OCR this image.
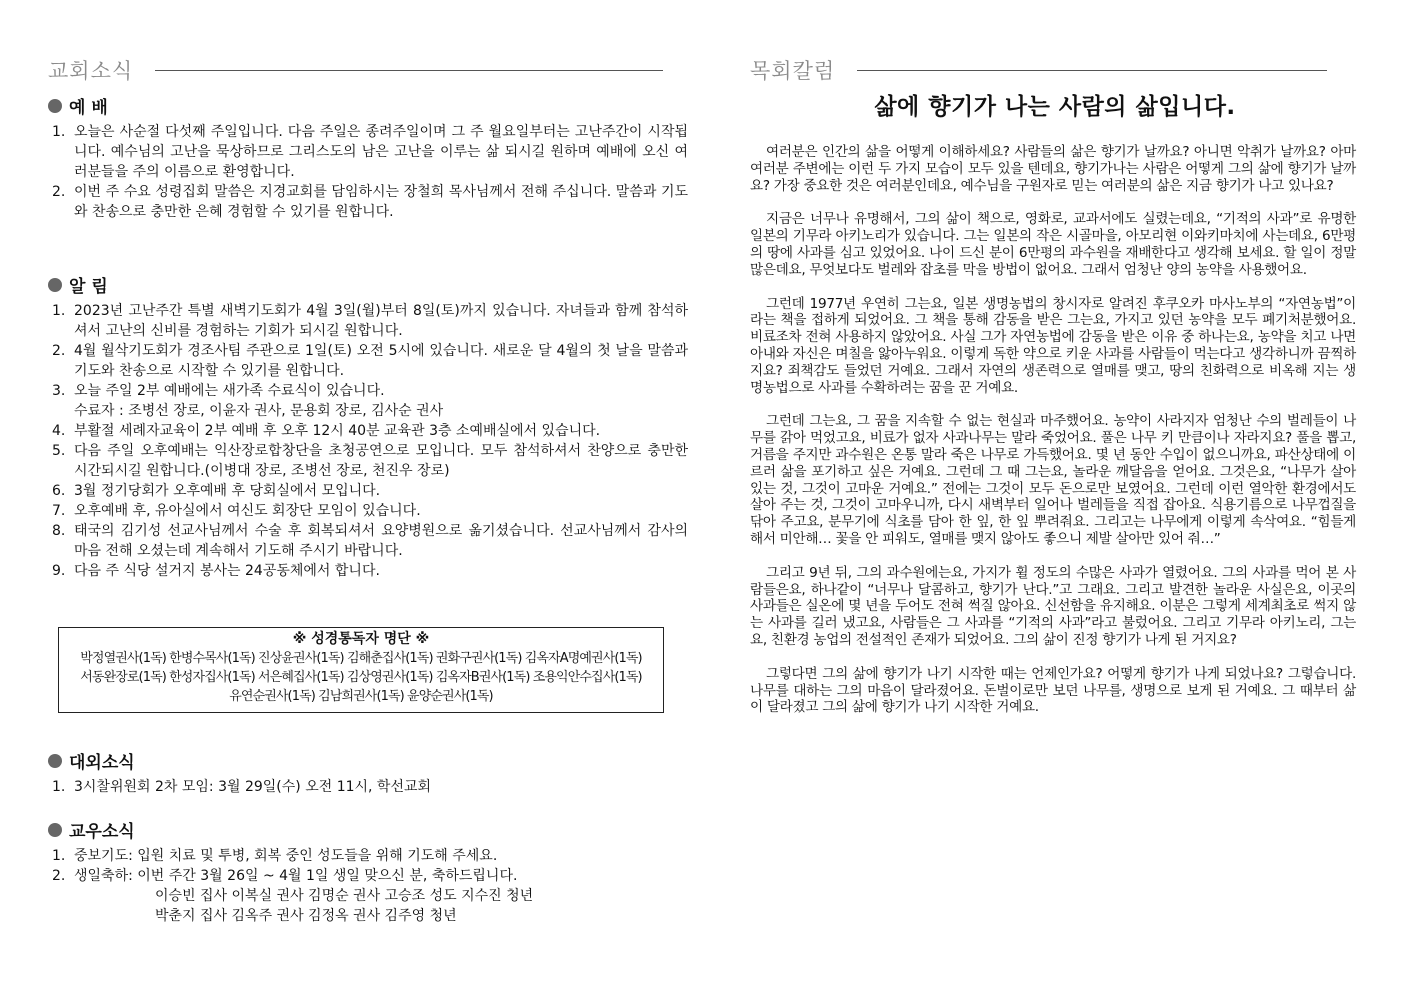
교회소식
예 배
1. 오늘은 사순절 다섯째 주일입니다. 다음 주일은 종려주일이며 그 주 월요일부터는 고난주간이 시작됩니다. 예수님의 고난을 묵상하므로 그리스도의 남은 고난을 이루는 삶 되시길 원하며 예배에 오신 여러분들을 주의 이름으로 환영합니다.
2. 이번 주 수요 성령집회 말씀은 지경교회를 담임하시는 장철희 목사님께서 전해 주십니다. 말씀과 기도와 찬송으로 충만한 은혜 경험할 수 있기를 원합니다.
알 림
1. 2023년 고난주간 특별 새벽기도회가 4월 3일(월)부터 8일(토)까지 있습니다. 자녀들과 함께 참석하셔서 고난의 신비를 경험하는 기회가 되시길 원합니다.
2. 4월 월삭기도회가 경조사팀 주관으로 1일(토) 오전 5시에 있습니다. 새로운 달 4월의 첫 날을 말씀과 기도와 찬송으로 시작할 수 있기를 원합니다.
3. 오늘 주일 2부 예배에는 새가족 수료식이 있습니다.
수료자 : 조병선 장로, 이윤자 권사, 문용회 장로, 김사순 권사
4. 부활절 세례자교육이 2부 예배 후 오후 12시 40분 교육관 3층 소예배실에서 있습니다.
5. 다음 주일 오후예배는 익산장로합창단을 초청공연으로 모입니다. 모두 참석하셔서 찬양으로 충만한 시간되시길 원합니다.(이병대 장로, 조병선 장로, 천진우 장로)
6. 3월 정기당회가 오후예배 후 당회실에서 모입니다.
7. 오후예배 후, 유아실에서 여신도 회장단 모임이 있습니다.
8. 태국의 김기성 선교사님께서 수술 후 회복되셔서 요양병원으로 옮기셨습니다. 선교사님께서 감사의 마음 전해 오셨는데 계속해서 기도해 주시기 바랍니다.
9. 다음 주 식당 설거지 봉사는 24공동체에서 합니다.
※ 성경통독자 명단 ※
박정열권사(1독) 한병수목사(1독) 진상윤권사(1독) 김해춘집사(1독) 권화구권사(1독) 김옥자A명예권사(1독)
서동완장로(1독) 한성자집사(1독) 서은혜집사(1독) 김상영권사(1독) 김옥자B권사(1독) 조용익안수집사(1독)
유연순권사(1독) 김남희권사(1독) 윤양순권사(1독)
대외소식
1. 3시찰위원회 2차 모임: 3월 29일(수) 오전 11시, 학선교회
교우소식
1. 중보기도: 입원 치료 및 투병, 회복 중인 성도들을 위해 기도해 주세요.
2. 생일축하:
이번 주간 3월 26일 ~ 4월 1일 생일 맞으신 분, 축하드립니다.
이승빈 집사 이복실 권사 김명순 권사 고승조 성도 지수진 청년
박춘지 집사 김옥주 권사 김정옥 권사 김주영 청년
목회칼럼
삶에 향기가 나는 사람의 삶입니다.

여러분은 인간의 삶을 어떻게 이해하세요? 사람들의 삶은 향기가 날까요? 아니면 악취가 날까요? 아마 여러분 주변에는 이런 두 가지 모습이 모두 있을 텐데요, 향기가나는 사람은 어떻게 그의 삶에 향기가 날까요? 가장 중요한 것은 여러분인데요, 예수님을 구원자로 믿는 여러분의 삶은 지금 향기가 나고 있나요?

지금은 너무나 유명해서, 그의 삶이 책으로, 영화로, 교과서에도 실렸는데요, “기적의 사과”로 유명한 일본의 기무라 아키노리가 있습니다. 그는 일본의 작은 시골마을, 아모리현 이와키마치에 사는데요, 6만평의 땅에 사과를 심고 있었어요. 나이 드신 분이 6만평의 과수원을 재배한다고 생각해 보세요. 할 일이 정말 많은데요, 무엇보다도 벌레와 잡초를 막을 방법이 없어요. 그래서 엄청난 양의 농약을 사용했어요.

그런데 1977년 우연히 그는요, 일본 생명농법의 창시자로 알려진 후쿠오카 마사노부의 “자연농법”이라는 책을 접하게 되었어요. 그 책을 통해 감동을 받은 그는요, 가지고 있던 농약을 모두 폐기처분했어요. 비료조차 전혀 사용하지 않았어요. 사실 그가 자연농법에 감동을 받은 이유 중 하나는요, 농약을 치고 나면 아내와 자신은 며칠을 앓아누워요. 이렇게 독한 약으로 키운 사과를 사람들이 먹는다고 생각하니까 끔찍하지요? 죄책감도 들었던 거예요. 그래서 자연의 생존력으로 열매를 맺고, 땅의 친화력으로 비옥해 지는 생명농법으로 사과를 수확하려는 꿈을 꾼 거예요.

그런데 그는요, 그 꿈을 지속할 수 없는 현실과 마주했어요. 농약이 사라지자 엄청난 수의 벌레들이 나무를 갉아 먹었고요, 비료가 없자 사과나무는 말라 죽었어요. 풀은 나무 키 만큼이나 자라지요? 풀을 뽑고, 거름을 주지만 과수원은 온통 말라 죽은 나무로 가득했어요. 몇 년 동안 수입이 없으니까요, 파산상태에 이르러 삶을 포기하고 싶은 거예요. 그런데 그 때 그는요, 놀라운 깨달음을 얻어요. 그것은요, “나무가 살아 있는 것, 그것이 고마운 거예요.” 전에는 그것이 모두 돈으로만 보였어요. 그런데 이런 열악한 환경에서도 살아 주는 것, 그것이 고마우니까, 다시 새벽부터 일어나 벌레들을 직접 잡아요. 식용기름으로 나무껍질을 닦아 주고요, 분무기에 식초를 담아 한 잎, 한 잎 뿌려줘요. 그리고는 나무에게 이렇게 속삭여요. “힘들게 해서 미안해… 꽃을 안 피워도, 열매를 맺지 않아도 좋으니 제발 살아만 있어 줘…”

그리고 9년 뒤, 그의 과수원에는요, 가지가 휠 정도의 수많은 사과가 열렸어요. 그의 사과를 먹어 본 사람들은요, 하나같이 “너무나 달콤하고, 향기가 난다.”고 그래요. 그리고 발견한 놀라운 사실은요, 이곳의 사과들은 실온에 몇 년을 두어도 전혀 썩질 않아요. 신선함을 유지해요. 이분은 그렇게 세계최초로 썩지 않는 사과를 길러 냈고요, 사람들은 그 사과를 “기적의 사과”라고 불렀어요. 그리고 기무라 아키노리, 그는요, 친환경 농업의 전설적인 존재가 되었어요. 그의 삶이 진정 향기가 나게 된 거지요?

그렇다면 그의 삶에 향기가 나기 시작한 때는 언제인가요? 어떻게 향기가 나게 되었나요? 그렇습니다. 나무를 대하는 그의 마음이 달라졌어요. 돈벌이로만 보던 나무를, 생명으로 보게 된 거예요. 그 때부터 삶이 달라졌고 그의 삶에 향기가 나기 시작한 거예요.
